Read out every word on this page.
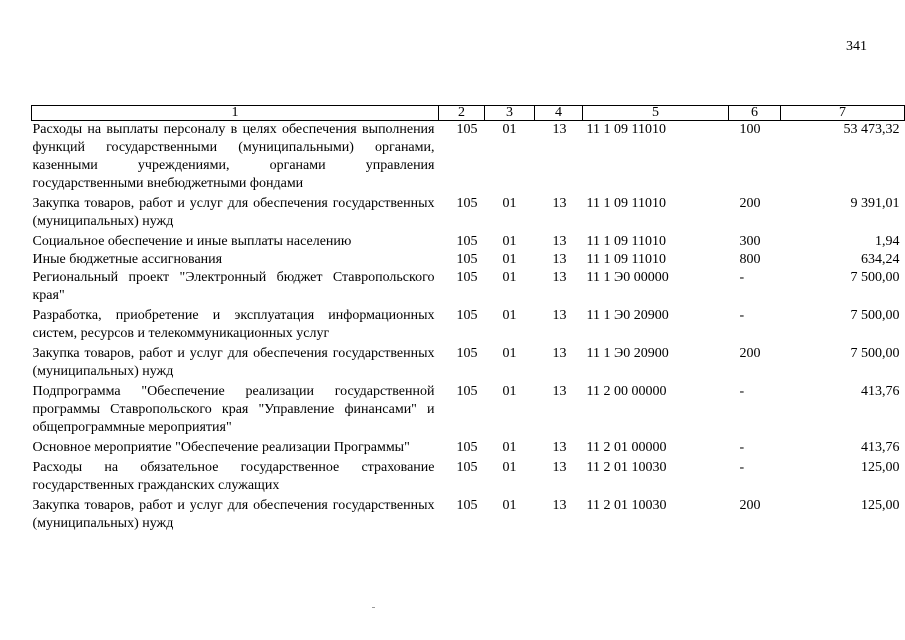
341
1	2	3	4	5	6	7
Расходы на выплаты персоналу в целях обеспечения выполнения функций государственными (муниципальными) органами, казенными учреждениями, органами управления государственными внебюджетными фондами	105	01	13	11 1 09 11010	100	53 473,32
Закупка товаров, работ и услуг для обеспечения государственных (муниципальных) нужд	105	01	13	11 1 09 11010	200	9 391,01
Социальное обеспечение и иные выплаты населению	105	01	13	11 1 09 11010	300	1,94
Иные бюджетные ассигнования	105	01	13	11 1 09 11010	800	634,24
Региональный проект "Электронный бюджет Ставропольского края"	105	01	13	11 1 Э0 00000	-	7 500,00
Разработка, приобретение и эксплуатация информационных систем, ресурсов и телекоммуникационных услуг	105	01	13	11 1 Э0 20900	-	7 500,00
Закупка товаров, работ и услуг для обеспечения государственных (муниципальных) нужд	105	01	13	11 1 Э0 20900	200	7 500,00
Подпрограмма "Обеспечение реализации государственной программы Ставропольского края "Управление финансами" и общепрограммные мероприятия"	105	01	13	11 2 00 00000	-	413,76
Основное мероприятие "Обеспечение реализации Программы"	105	01	13	11 2 01 00000	-	413,76
Расходы на обязательное государственное страхование государственных гражданских служащих	105	01	13	11 2 01 10030	-	125,00
Закупка товаров, работ и услуг для обеспечения государственных (муниципальных) нужд	105	01	13	11 2 01 10030	200	125,00
